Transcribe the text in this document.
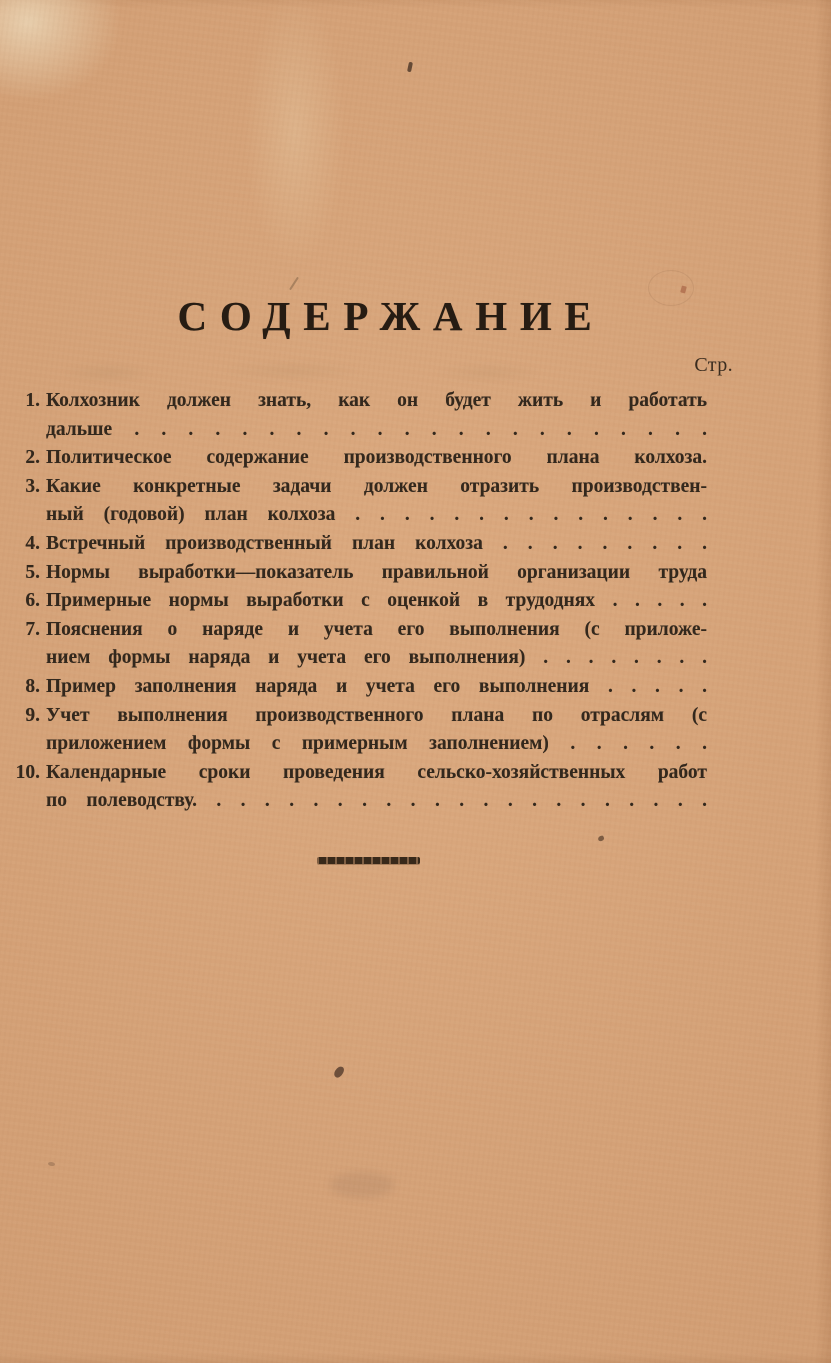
СОДЕРЖАНИЕ
Стр.
1. Колхозник должен знать, как он будет жить и работать
дальше . . . . . . . . . . . . . . . . . . . . . .
2. Политическое содержание производственного плана колхоза.
3. Какие конкретные задачи должен отразить производствен-
ный (годовой) план колхоза . . . . . . . . . . . . . . .
4. Встречный производственный план колхоза . . . . . . . . .
5. Нормы выработки—показатель правильной организации труда
6. Примерные нормы выработки с оценкой в трудоднях . . . . .
7. Пояснения о наряде и учета его выполнения (с приложе-
нием формы наряда и учета его выполнения) . . . . . . . .
8. Пример заполнения наряда и учета его выполнения . . . . .
9. Учет выполнения производственного плана по отраслям (с
приложением формы с примерным заполнением) . . . . . .
10. Календарные сроки проведения сельско-хозяйственных работ
по полеводству. . . . . . . . . . . . . . . . . . . . . .
